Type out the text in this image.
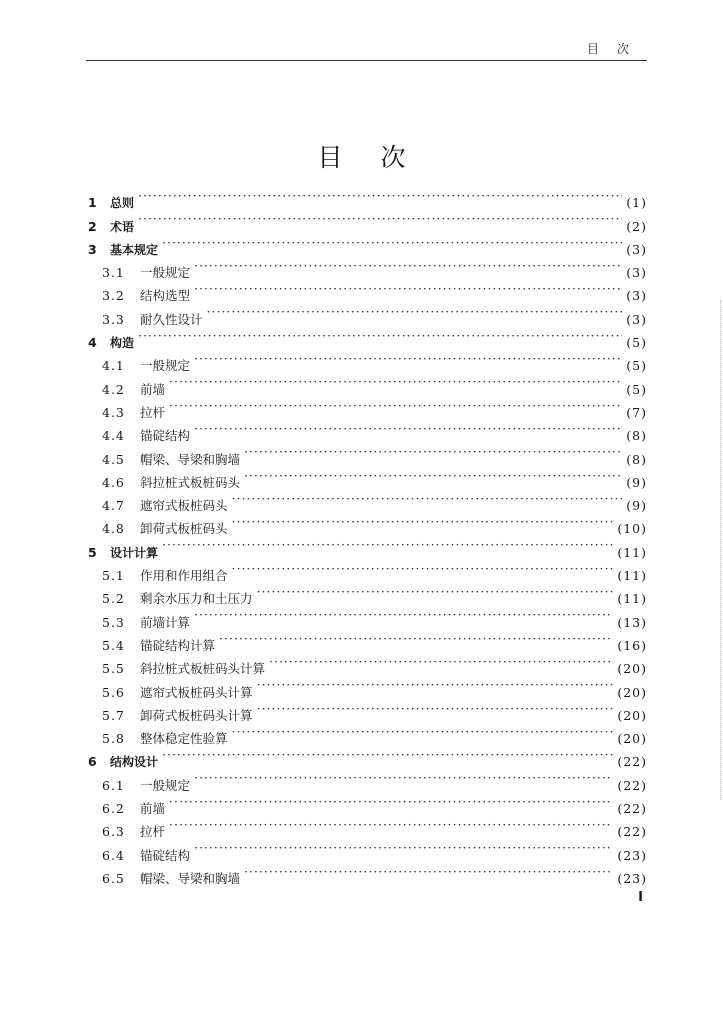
目次
目次
1	总则 ·····	(1)
2	术语 ·····	(2)
3	基本规定 ·····	(3)
3.1	一般规定 ·····	(3)
3.2	结构选型 ·····	(3)
3.3	耐久性设计 ·····	(3)
4	构造 ·····	(5)
4.1	一般规定 ·····	(5)
4.2	前墙 ·····	(5)
4.3	拉杆 ·····	(7)
4.4	锚碇结构 ·····	(8)
4.5	帽梁、导梁和胸墙 ·····	(8)
4.6	斜拉桩式板桩码头 ·····	(9)
4.7	遮帘式板桩码头 ·····	(9)
4.8	卸荷式板桩码头 ·····	(10)
5	设计计算 ·····	(11)
5.1	作用和作用组合 ·····	(11)
5.2	剩余水压力和土压力 ·····	(11)
5.3	前墙计算 ·····	(13)
5.4	锚碇结构计算 ·····	(16)
5.5	斜拉桩式板桩码头计算 ·····	(20)
5.6	遮帘式板桩码头计算 ·····	(20)
5.7	卸荷式板桩码头计算 ·····	(20)
5.8	整体稳定性验算 ·····	(20)
6	结构设计 ·····	(22)
6.1	一般规定 ·····	(22)
6.2	前墙 ·····	(22)
6.3	拉杆 ·····	(22)
6.4	锚碇结构 ·····	(23)
6.5	帽梁、导梁和胸墙 ·····	(23)
I
